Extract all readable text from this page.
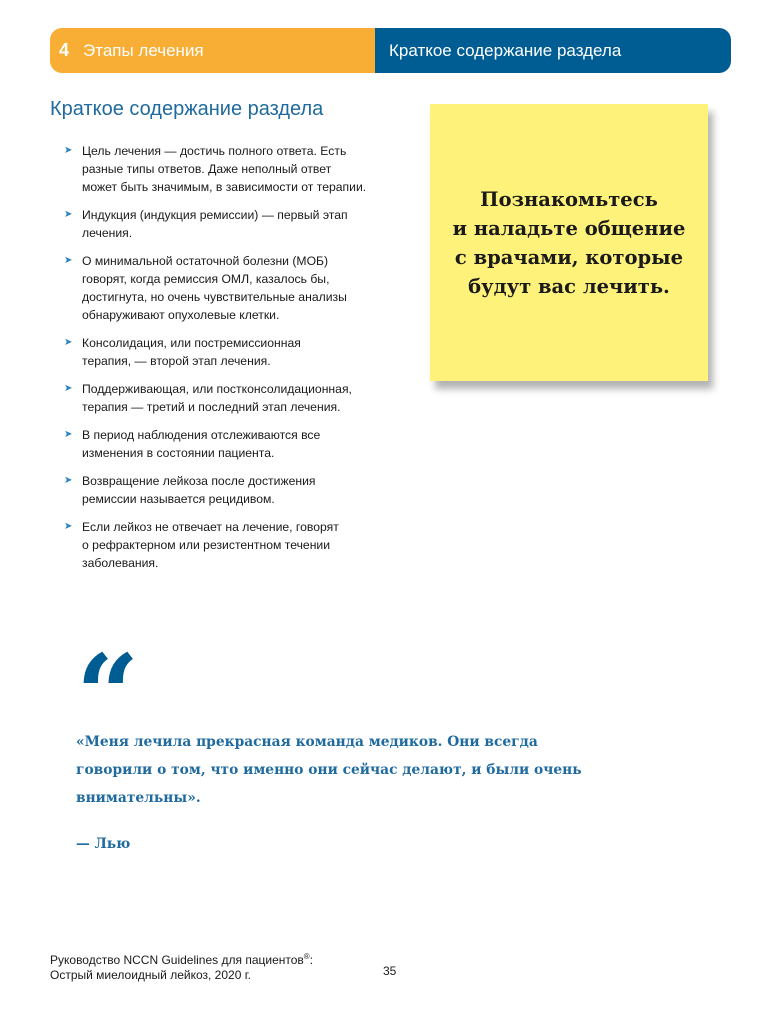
4 Этапы лечения	Краткое содержание раздела
Краткое содержание раздела
➤ Цель лечения — достичь полного ответа. Есть
разные типы ответов. Даже неполный ответ
может быть значимым, в зависимости от терапии.
➤ Индукция (индукция ремиссии) — первый этап
лечения.
➤ О минимальной остаточной болезни (МОБ)
говорят, когда ремиссия ОМЛ, казалось бы,
достигнута, но очень чувствительные анализы
обнаруживают опухолевые клетки.
➤ Консолидация, или постремиссионная
терапия, — второй этап лечения.
➤ Поддерживающая, или постконсолидационная,
терапия — третий и последний этап лечения.
➤ В период наблюдения отслеживаются все
изменения в состоянии пациента.
➤ Возвращение лейкоза после достижения
ремиссии называется рецидивом.
➤ Если лейкоз не отвечает на лечение, говорят
о рефрактерном или резистентном течении
заболевания.
Познакомьтесь
и наладьте общение
с врачами, которые
будут вас лечить.
“
«Меня лечила прекрасная команда медиков. Они всегда
говорили о том, что именно они сейчас делают, и были очень
внимательны».
— Лью
Руководство NCCN Guidelines для пациентов®:
Острый миелоидный лейкоз, 2020 г.	35
